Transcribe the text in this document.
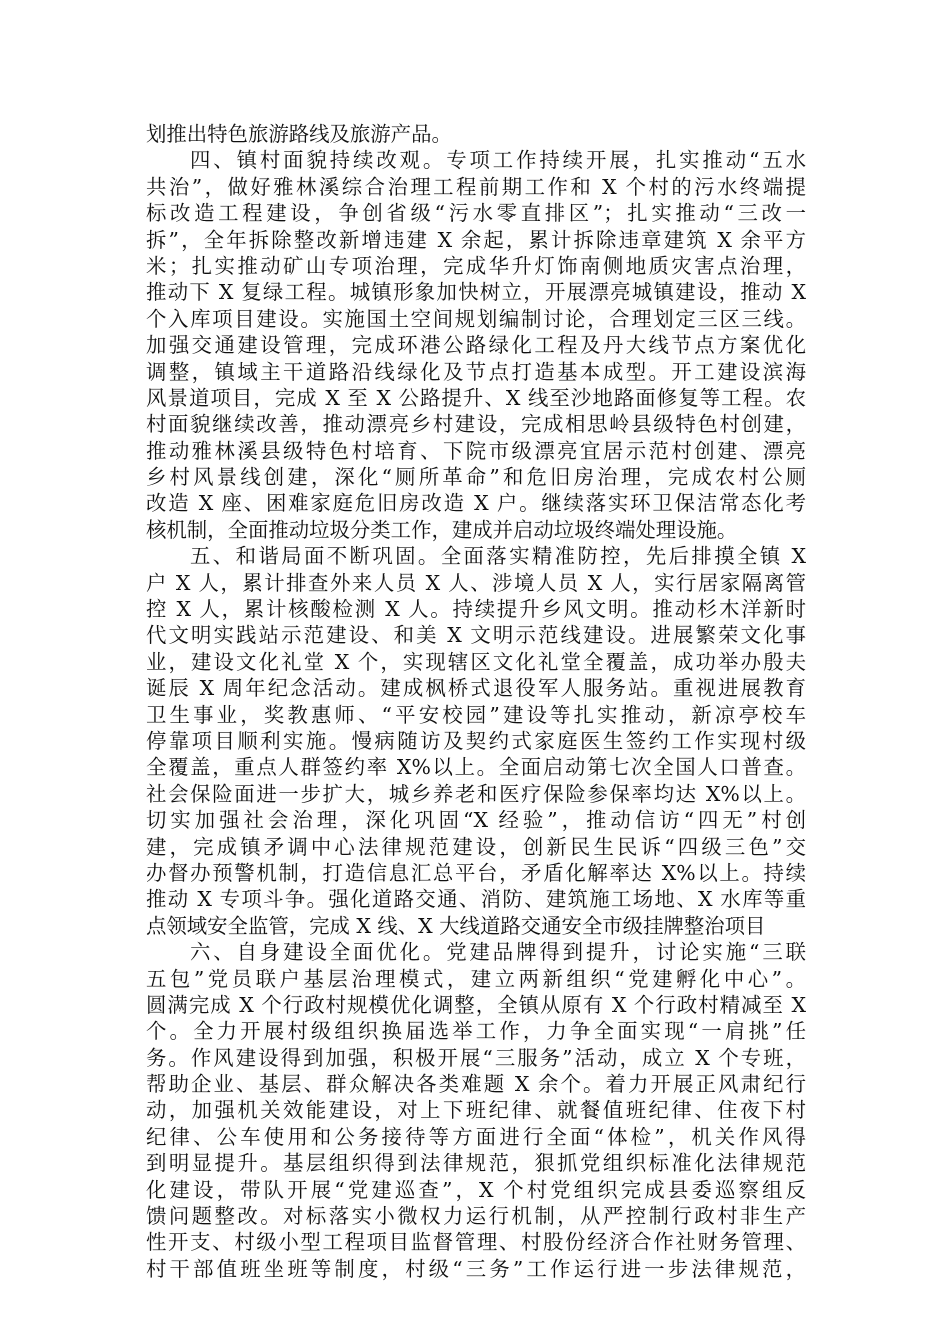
划推出特色旅游路线及旅游产品。
四、镇村面貌持续改观。专项工作持续开展，扎实推动“五水
共治”，做好雅林溪综合治理工程前期工作和 X 个村的污水终端提
标改造工程建设，争创省级“污水零直排区”；扎实推动“三改一
拆”，全年拆除整改新增违建 X 余起，累计拆除违章建筑 X 余平方
米；扎实推动矿山专项治理，完成华升灯饰南侧地质灾害点治理，
推动下 X 复绿工程。城镇形象加快树立，开展漂亮城镇建设，推动 X
个入库项目建设。实施国土空间规划编制讨论，合理划定三区三线。
加强交通建设管理，完成环港公路绿化工程及丹大线节点方案优化
调整，镇域主干道路沿线绿化及节点打造基本成型。开工建设滨海
风景道项目，完成 X 至 X 公路提升、X 线至沙地路面修复等工程。农
村面貌继续改善，推动漂亮乡村建设，完成相思岭县级特色村创建，
推动雅林溪县级特色村培育、下院市级漂亮宜居示范村创建、漂亮
乡村风景线创建，深化“厕所革命”和危旧房治理，完成农村公厕
改造 X 座、困难家庭危旧房改造 X 户。继续落实环卫保洁常态化考
核机制，全面推动垃圾分类工作，建成并启动垃圾终端处理设施。
五、和谐局面不断巩固。全面落实精准防控，先后排摸全镇 X
户 X 人，累计排查外来人员 X 人、涉境人员 X 人，实行居家隔离管
控 X 人，累计核酸检测 X 人。持续提升乡风文明。推动杉木洋新时
代文明实践站示范建设、和美 X 文明示范线建设。进展繁荣文化事
业，建设文化礼堂 X 个，实现辖区文化礼堂全覆盖，成功举办殷夫
诞辰 X 周年纪念活动。建成枫桥式退役军人服务站。重视进展教育
卫生事业，奖教惠师、“平安校园”建设等扎实推动，新凉亭校车
停靠项目顺利实施。慢病随访及契约式家庭医生签约工作实现村级
全覆盖，重点人群签约率 X%以上。全面启动第七次全国人口普查。
社会保险面进一步扩大，城乡养老和医疗保险参保率均达 X%以上。
切实加强社会治理，深化巩固“X 经验”，推动信访“四无”村创
建，完成镇矛调中心法律规范建设，创新民生民诉“四级三色”交
办督办预警机制，打造信息汇总平台，矛盾化解率达 X%以上。持续
推动 X 专项斗争。强化道路交通、消防、建筑施工场地、X 水库等重
点领域安全监管，完成 X 线、X 大线道路交通安全市级挂牌整治项目
六、自身建设全面优化。党建品牌得到提升，讨论实施“三联
五包”党员联户基层治理模式，建立两新组织“党建孵化中心”。
圆满完成 X 个行政村规模优化调整，全镇从原有 X 个行政村精减至 X
个。全力开展村级组织换届选举工作，力争全面实现“一肩挑”任
务。作风建设得到加强，积极开展“三服务”活动，成立 X 个专班，
帮助企业、基层、群众解决各类难题 X 余个。着力开展正风肃纪行
动，加强机关效能建设，对上下班纪律、就餐值班纪律、住夜下村
纪律、公车使用和公务接待等方面进行全面“体检”，机关作风得
到明显提升。基层组织得到法律规范，狠抓党组织标准化法律规范
化建设，带队开展“党建巡查”，X 个村党组织完成县委巡察组反
馈问题整改。对标落实小微权力运行机制，从严控制行政村非生产
性开支、村级小型工程项目监督管理、村股份经济合作社财务管理、
村干部值班坐班等制度，村级“三务”工作运行进一步法律规范，
